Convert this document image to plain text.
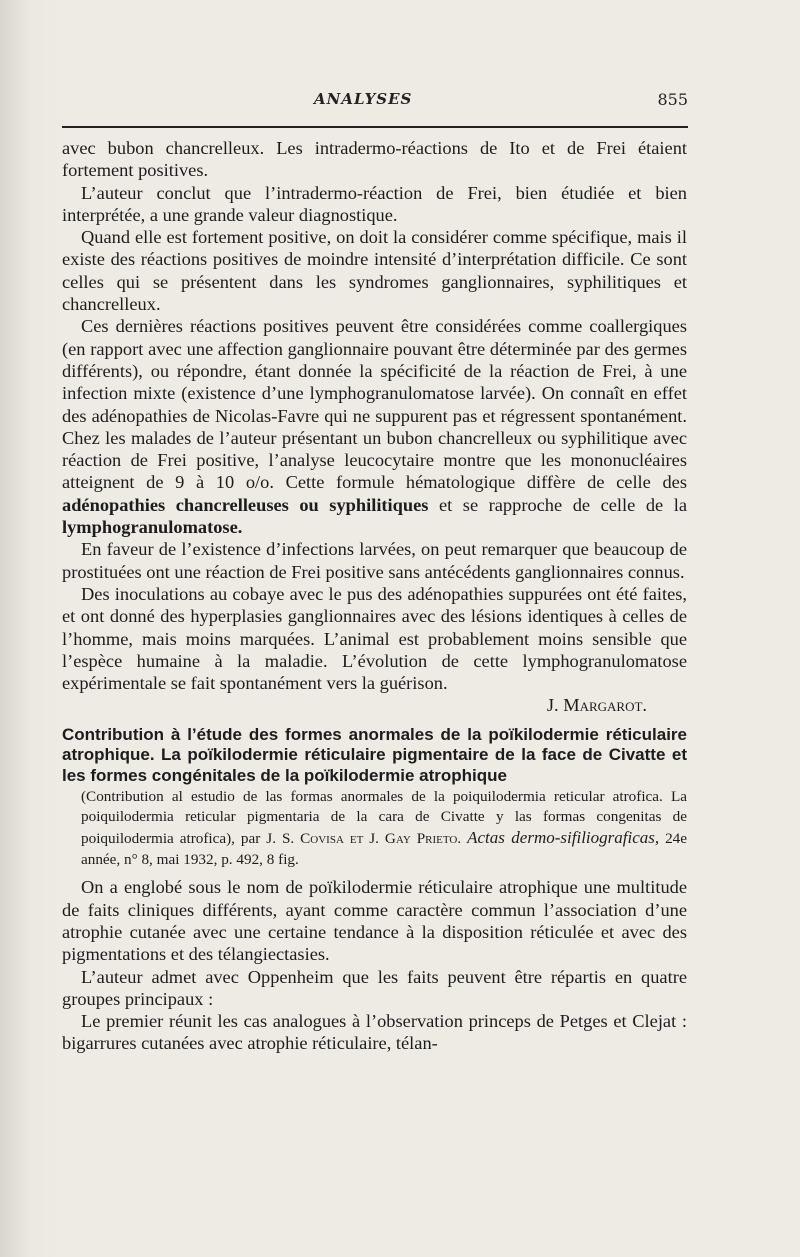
ANALYSES	855

avec bubon chancrelleux. Les intradermo-réactions de Ito et de Frei étaient fortement positives.

L’auteur conclut que l’intradermo-réaction de Frei, bien étudiée et bien interprétée, a une grande valeur diagnostique.

Quand elle est fortement positive, on doit la considérer comme spécifique, mais il existe des réactions positives de moindre intensité d’interprétation difficile. Ce sont celles qui se présentent dans les syndromes ganglionnaires, syphilitiques et chancrelleux.

Ces dernières réactions positives peuvent être considérées comme coallergiques (en rapport avec une affection ganglionnaire pouvant être déterminée par des germes différents), ou répondre, étant donnée la spécificité de la réaction de Frei, à une infection mixte (existence d’une lymphogranulomatose larvée). On connaît en effet des adénopathies de Nicolas-Favre qui ne suppurent pas et régressent spontanément. Chez les malades de l’auteur présentant un bubon chancrelleux ou syphilitique avec réaction de Frei positive, l’analyse leucocytaire montre que les mononucléaires atteignent de 9 à 10 o/o. Cette formule hématologique diffère de celle des adénopathies chancrelleuses ou syphilitiques et se rapproche de celle de la lymphogranulomatose.

En faveur de l’existence d’infections larvées, on peut remarquer que beaucoup de prostituées ont une réaction de Frei positive sans antécédents ganglionnaires connus.

Des inoculations au cobaye avec le pus des adénopathies suppurées ont été faites, et ont donné des hyperplasies ganglionnaires avec des lésions identiques à celles de l’homme, mais moins marquées. L’animal est probablement moins sensible que l’espèce humaine à la maladie. L’évolution de cette lymphogranulomatose expérimentale se fait spontanément vers la guérison.

J. Margarot.
Contribution à l’étude des formes anormales de la poïkilodermie réticulaire atrophique. La poïkilodermie réticulaire pigmentaire de la face de Civatte et les formes congénitales de la poïkilodermie atrophique
(Contribution al estudio de las formas anormales de la poiquilodermia reticular atrofica. La poiquilodermia reticular pigmentaria de la cara de Civatte y las formas congenitas de poiquilodermia atrofica), par J. S. Covisa et J. Gay Prieto. Actas dermo-sifiliograficas, 24e année, n° 8, mai 1932, p. 492, 8 fig.

On a englobé sous le nom de poïkilodermie réticulaire atrophique une multitude de faits cliniques différents, ayant comme caractère commun l’association d’une atrophie cutanée avec une certaine tendance à la disposition réticulée et avec des pigmentations et des télangiectasies.

L’auteur admet avec Oppenheim que les faits peuvent être répartis en quatre groupes principaux :

Le premier réunit les cas analogues à l’observation princeps de Petges et Clejat : bigarrures cutanées avec atrophie réticulaire, télan-
